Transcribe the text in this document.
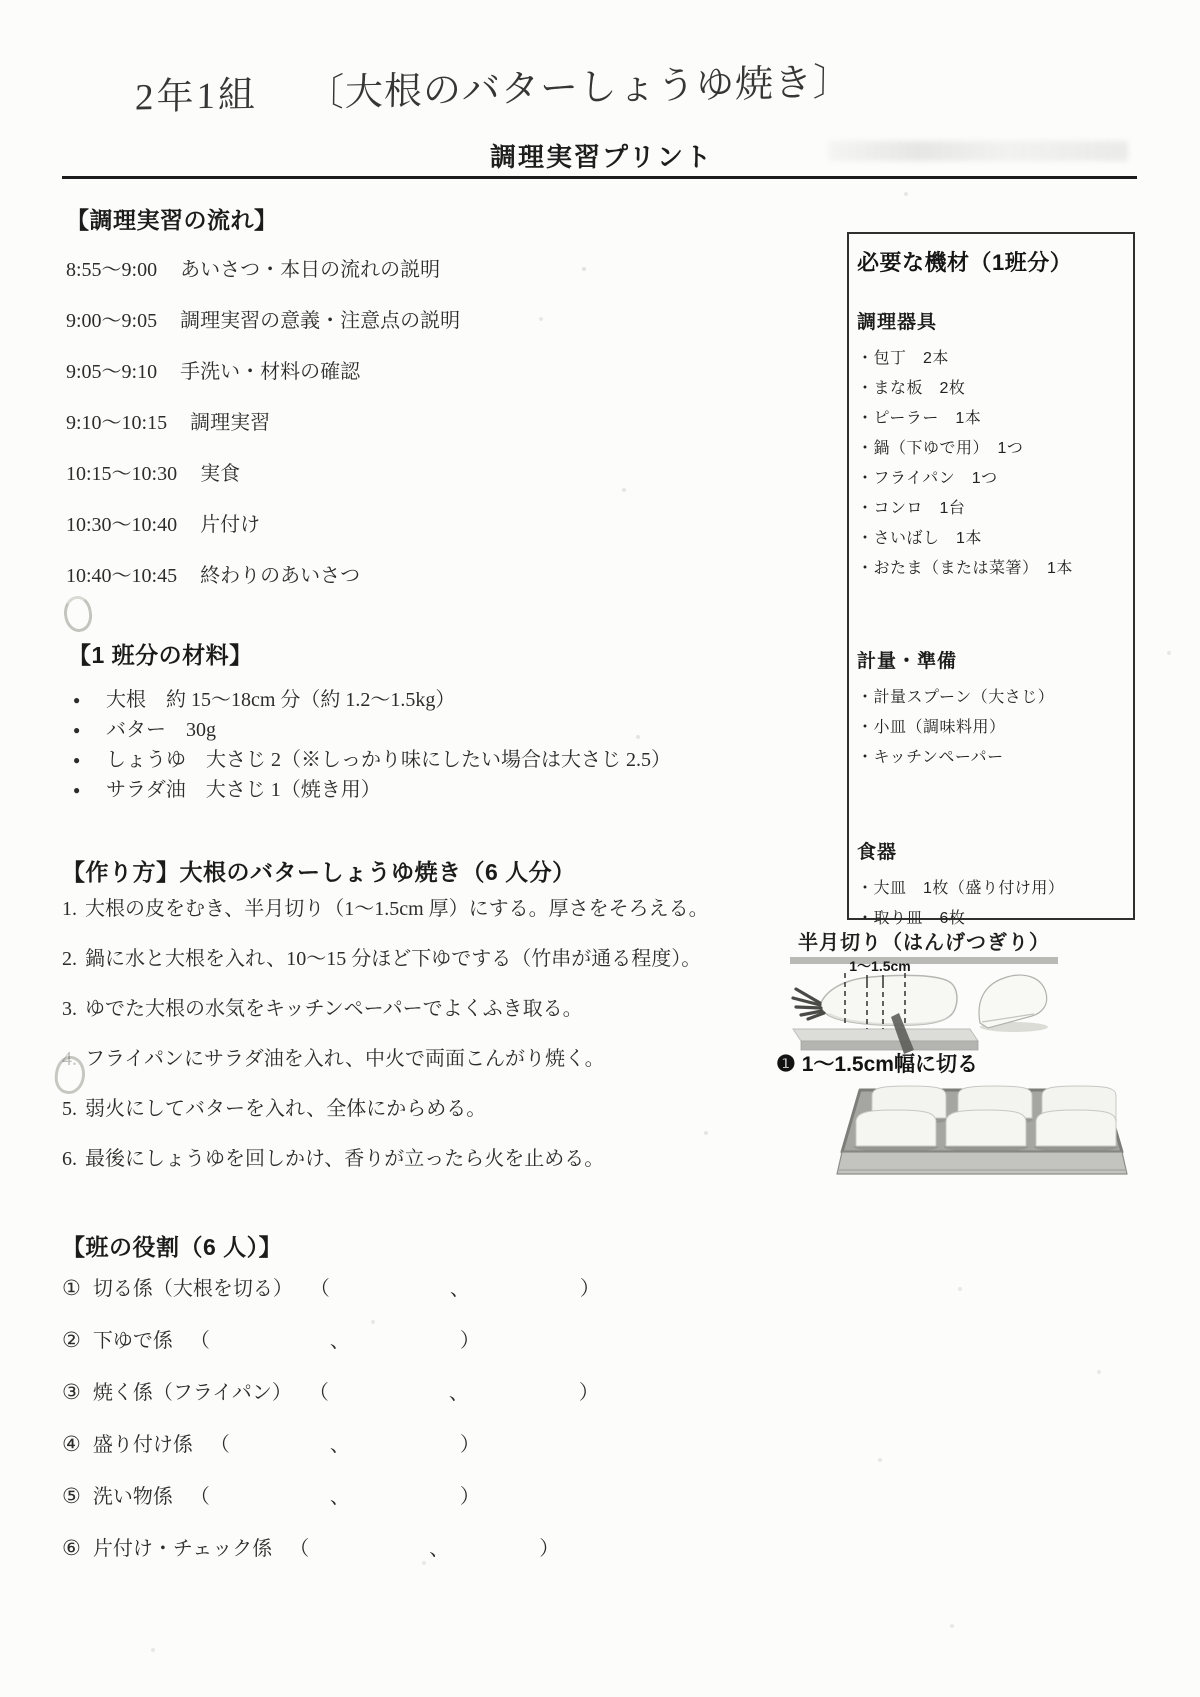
2年1組 〔大根のバターしょうゆ焼き〕
調理実習プリント
【調理実習の流れ】
8:55～9:00 あいさつ・本日の流れの説明
9:00～9:05 調理実習の意義・注意点の説明
9:05～9:10 手洗い・材料の確認
9:10～10:15 調理実習
10:15～10:30 実食
10:30～10:40 片付け
10:40～10:45 終わりのあいさつ
【1 班分の材料】
●	大根　約 15～18cm 分（約 1.2～1.5kg）
●	バター　30g
●	しょうゆ　大さじ 2（※しっかり味にしたい場合は大さじ 2.5）
●	サラダ油　大さじ 1（焼き用）
【作り方】大根のバターしょうゆ焼き（6 人分）
1. 大根の皮をむき、半月切り（1～1.5cm 厚）にする。厚さをそろえる。
2. 鍋に水と大根を入れ、10～15 分ほど下ゆでする（竹串が通る程度）。
3. ゆでた大根の水気をキッチンペーパーでよくふき取る。
4. フライパンにサラダ油を入れ、中火で両面こんがり焼く。
5. 弱火にしてバターを入れ、全体にからめる。
6. 最後にしょうゆを回しかけ、香りが立ったら火を止める。
【班の役割（6 人）】
① 切る係（大根を切る） （　　　　　　、　　　　　　）
② 下ゆで係 （　　　　　　、　　　　　　）
③ 焼く係（フライパン） （　　　　　　、　　　　　　）
④ 盛り付け係 （　　　　　、　　　　　　）
⑤ 洗い物係 （　　　　　　、　　　　　　）
⑥ 片付け・チェック係 （　　　　　　、　　　　　）
必要な機材（1班分）
調理器具
・包丁　2本
・まな板　2枚
・ピーラー　1本
・鍋（下ゆで用）　1つ
・フライパン　1つ
・コンロ　1台
・さいばし　1本
・おたま（または菜箸）　1本
計量・準備
・計量スプーン（大さじ）
・小皿（調味料用）
・キッチンペーパー
食器
・大皿　1枚（盛り付け用）
・取り皿　6枚
半月切り（はんげつぎり）
1～1.5cm
❶ 1～1.5cm幅に切る
